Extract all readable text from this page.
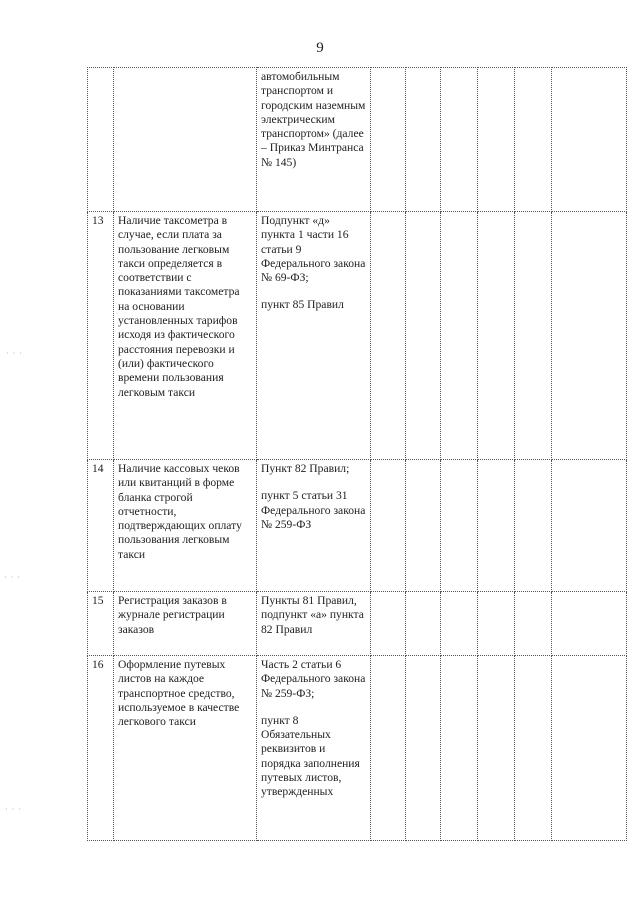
9
· · ·
· · ·
· · ·

		автомобильным транспортом и городским наземным электрическим транспортом» (далее – Приказ Минтранса № 145)						

13	Наличие таксометра в случае, если плата за пользование легковым такси определяется в соответствии с показаниями таксометра на основании установленных тарифов исходя из фактического расстояния перевозки и (или) фактического времени пользования легковым такси	Подпункт «д» пункта 1 части 16 статьи 9 Федерального закона № 69-ФЗ;
пункт 85 Правил						

14	Наличие кассовых чеков или квитанций в форме бланка строгой отчетности, подтверждающих оплату пользования легковым такси	Пункт 82 Правил;
пункт 5 статьи 31 Федерального закона № 259-ФЗ						

15	Регистрация заказов в журнале регистрации заказов	Пункты 81 Правил, подпункт «а» пункта 82 Правил						

16	Оформление путевых листов на каждое транспортное средство, используемое в качестве легкового такси	Часть 2 статьи 6 Федерального закона № 259-ФЗ;
пункт 8 Обязательных реквизитов и порядка заполнения путевых листов, утвержденных						
